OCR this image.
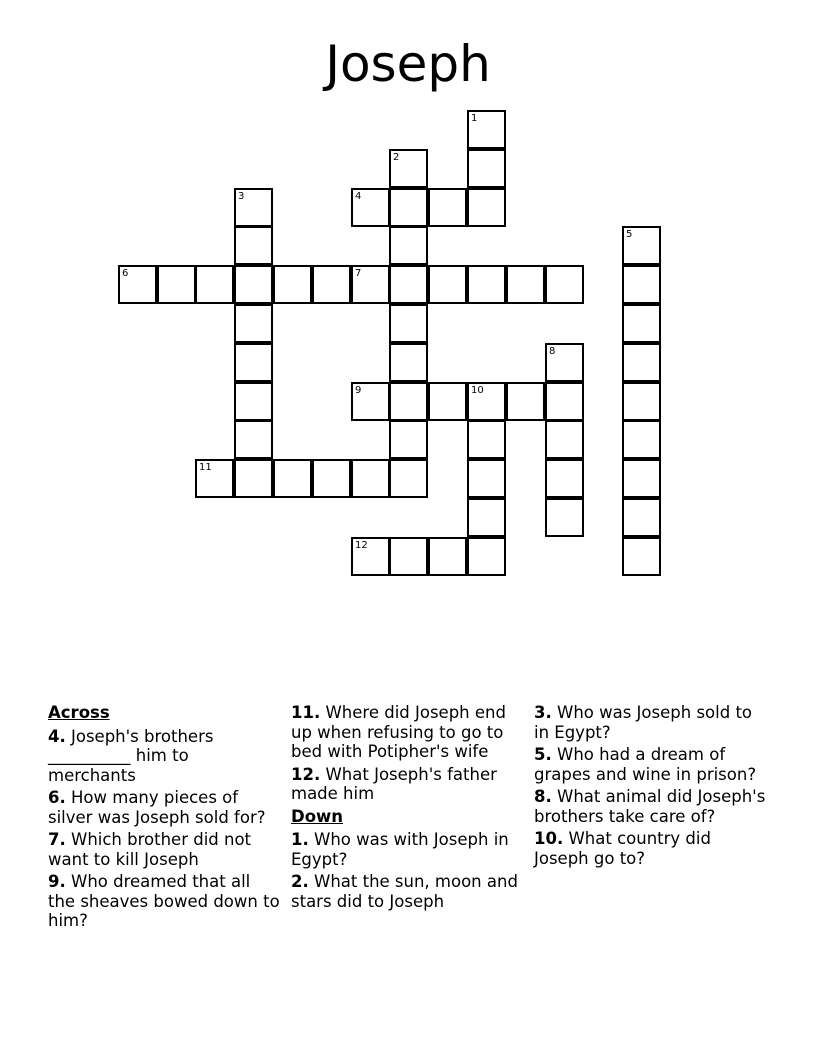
Joseph
1
2
3	4
5
6	7
8
9	10
11
12
Across
4. Joseph's brothers __________ him to merchants
6. How many pieces of silver was Joseph sold for?
7. Which brother did not want to kill Joseph
9. Who dreamed that all the sheaves bowed down to him?
11. Where did Joseph end up when refusing to go to bed with Potipher's wife
12. What Joseph's father made him
Down
1. Who was with Joseph in Egypt?
2. What the sun, moon and stars did to Joseph
3. Who was Joseph sold to in Egypt?
5. Who had a dream of grapes and wine in prison?
8. What animal did Joseph's brothers take care of?
10. What country did Joseph go to?
